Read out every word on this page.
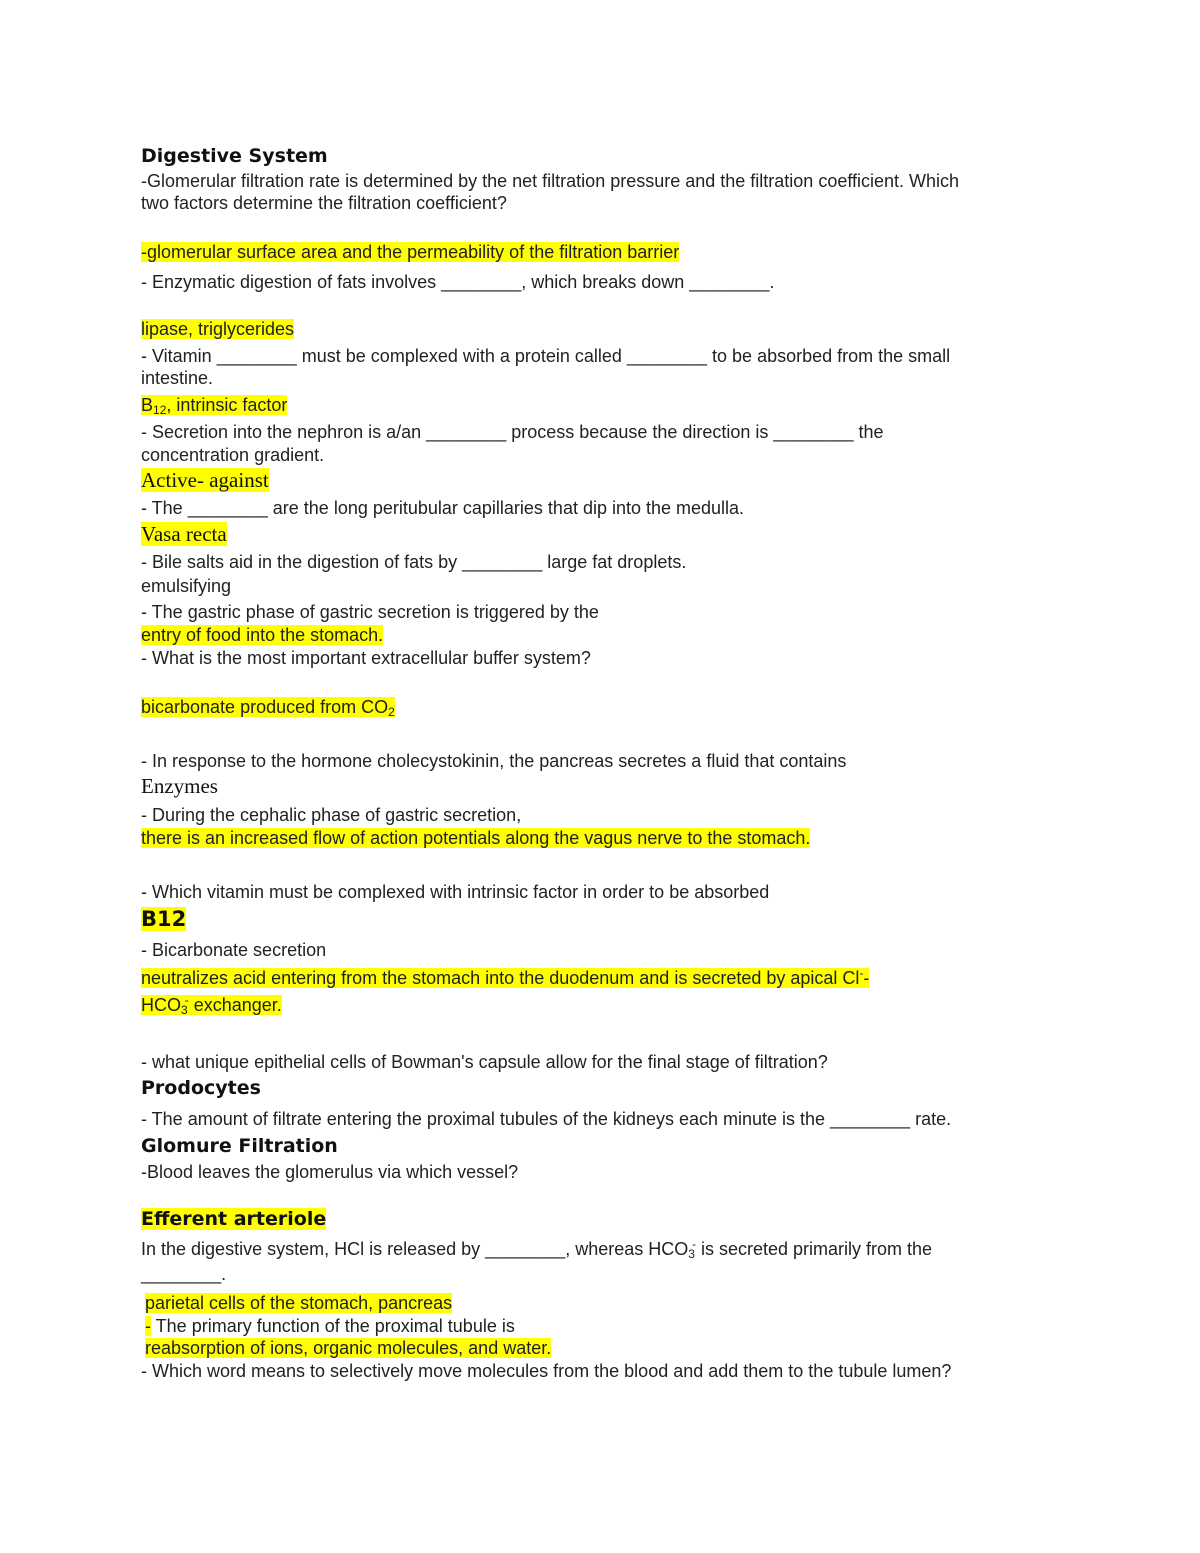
Digestive System
-Glomerular filtration rate is determined by the net filtration pressure and the filtration coefficient. Which
two factors determine the filtration coefficient?
-glomerular surface area and the permeability of the filtration barrier
- Enzymatic digestion of fats involves ________, which breaks down ________.
lipase, triglycerides
- Vitamin ________ must be complexed with a protein called ________ to be absorbed from the small
intestine.
$B_{12}$, intrinsic factor
- Secretion into the nephron is a/an ________ process because the direction is ________ the
concentration gradient.
Active- against
- The ________ are the long peritubular capillaries that dip into the medulla.
Vasa recta
- Bile salts aid in the digestion of fats by ________ large fat droplets.
emulsifying
- The gastric phase of gastric secretion is triggered by the
entry of food into the stomach.
- What is the most important extracellular buffer system?
bicarbonate produced from $CO_2$
- In response to the hormone cholecystokinin, the pancreas secretes a fluid that contains
Enzymes
- During the cephalic phase of gastric secretion,
there is an increased flow of action potentials along the vagus nerve to the stomach.
- Which vitamin must be complexed with intrinsic factor in order to be absorbed
B12
- Bicarbonate secretion
neutralizes acid entering from the stomach into the duodenum and is secreted by apical Cl--
$HCO_3^-$ exchanger.
- what unique epithelial cells of Bowman's capsule allow for the final stage of filtration?
Prodocytes
- The amount of filtrate entering the proximal tubules of the kidneys each minute is the ________ rate.
Glomure Filtration
-Blood leaves the glomerulus via which vessel?
Efferent arteriole
In the digestive system, HCl is released by ________, whereas $HCO_3^-$ is secreted primarily from the
________.
parietal cells of the stomach, pancreas
- The primary function of the proximal tubule is
reabsorption of ions, organic molecules, and water.
- Which word means to selectively move molecules from the blood and add them to the tubule lumen?
